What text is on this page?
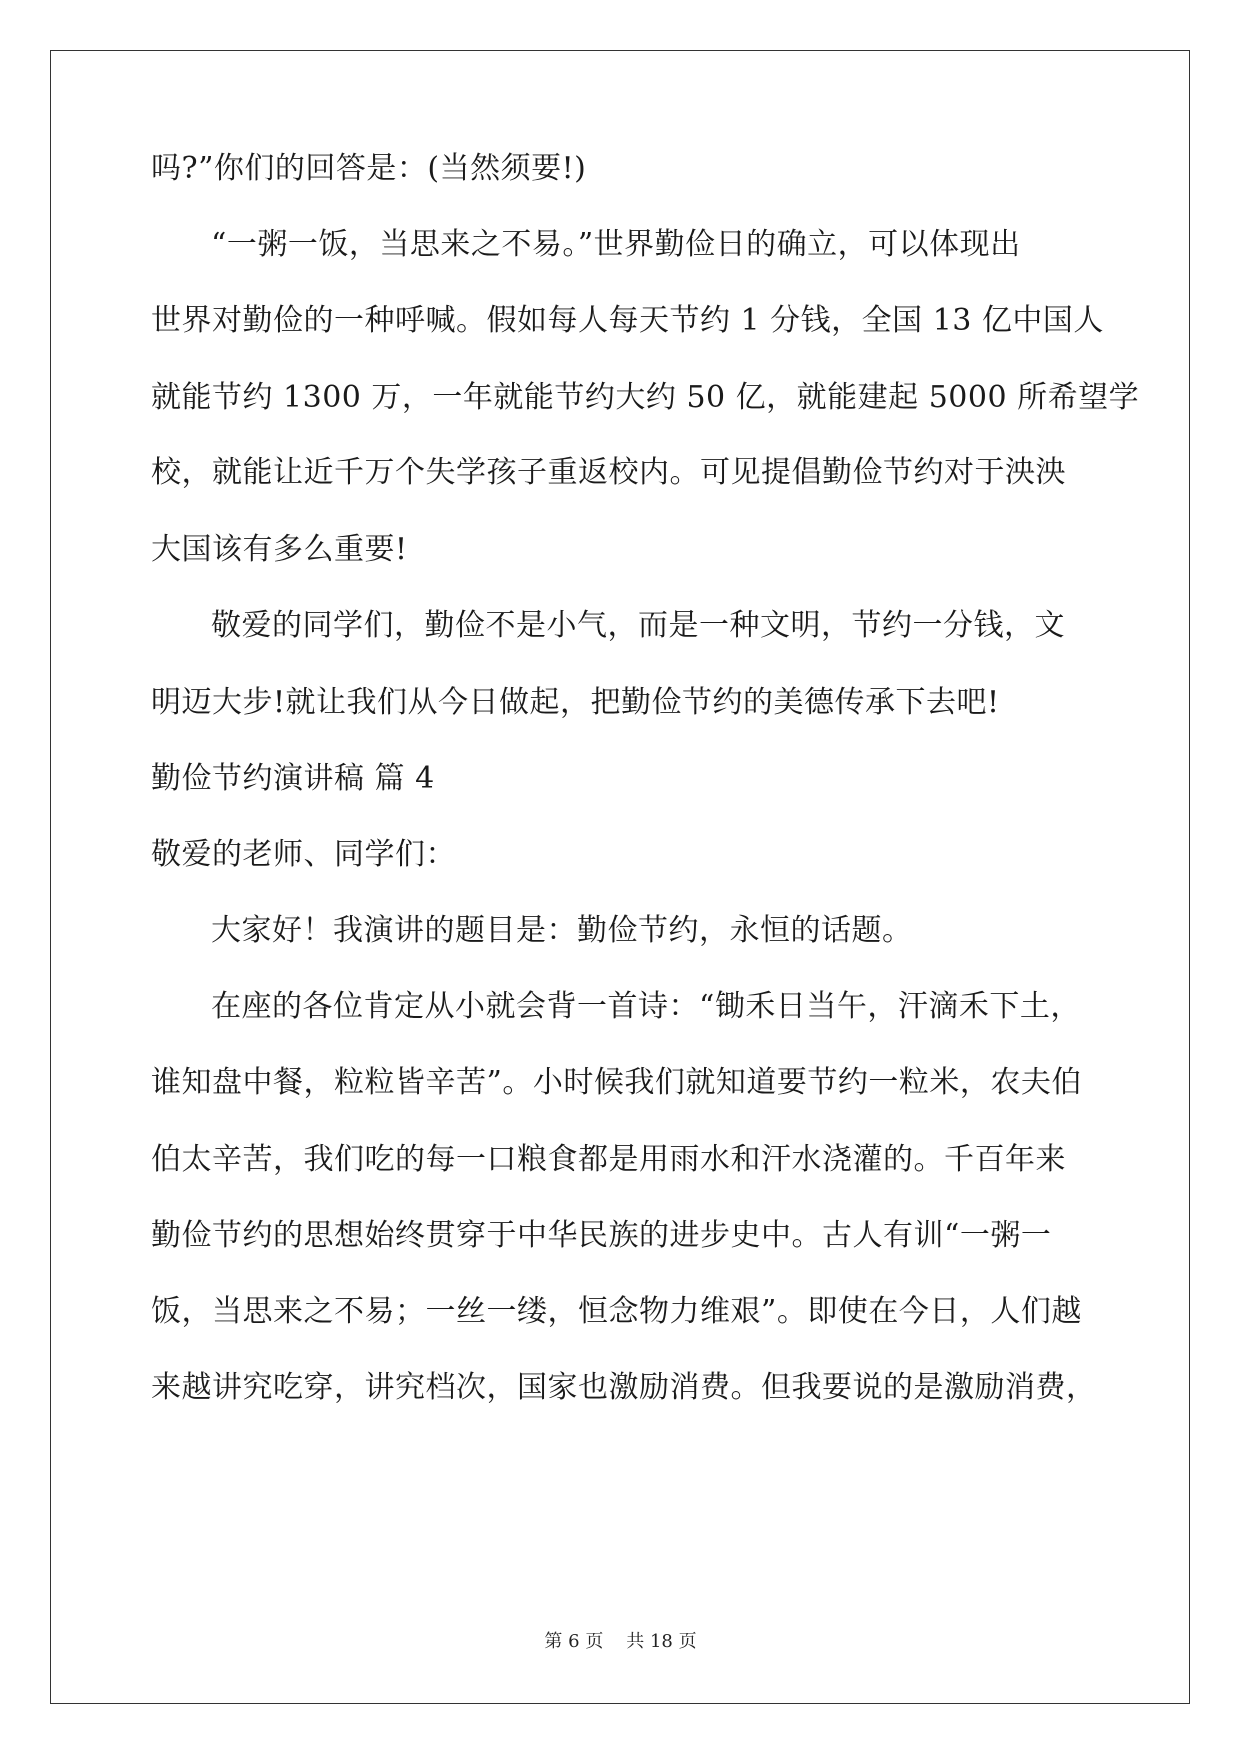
吗?”你们的回答是：(当然须要!)
“一粥一饭，当思来之不易。”世界勤俭日的确立，可以体现出
世界对勤俭的一种呼喊。假如每人每天节约 1 分钱，全国 13 亿中国人
就能节约 1300 万，一年就能节约大约 50 亿，就能建起 5000 所希望学
校，就能让近千万个失学孩子重返校内。可见提倡勤俭节约对于泱泱
大国该有多么重要!
敬爱的同学们，勤俭不是小气，而是一种文明，节约一分钱，文
明迈大步!就让我们从今日做起，把勤俭节约的美德传承下去吧!
勤俭节约演讲稿 篇 4
敬爱的老师、同学们：
大家好！我演讲的题目是：勤俭节约，永恒的话题。
在座的各位肯定从小就会背一首诗：“锄禾日当午，汗滴禾下土，
谁知盘中餐，粒粒皆辛苦”。小时候我们就知道要节约一粒米，农夫伯
伯太辛苦，我们吃的每一口粮食都是用雨水和汗水浇灌的。千百年来
勤俭节约的思想始终贯穿于中华民族的进步史中。古人有训“一粥一
饭，当思来之不易；一丝一缕，恒念物力维艰”。即使在今日，人们越
来越讲究吃穿，讲究档次，国家也激励消费。但我要说的是激励消费，
第 6 页 共 18 页
